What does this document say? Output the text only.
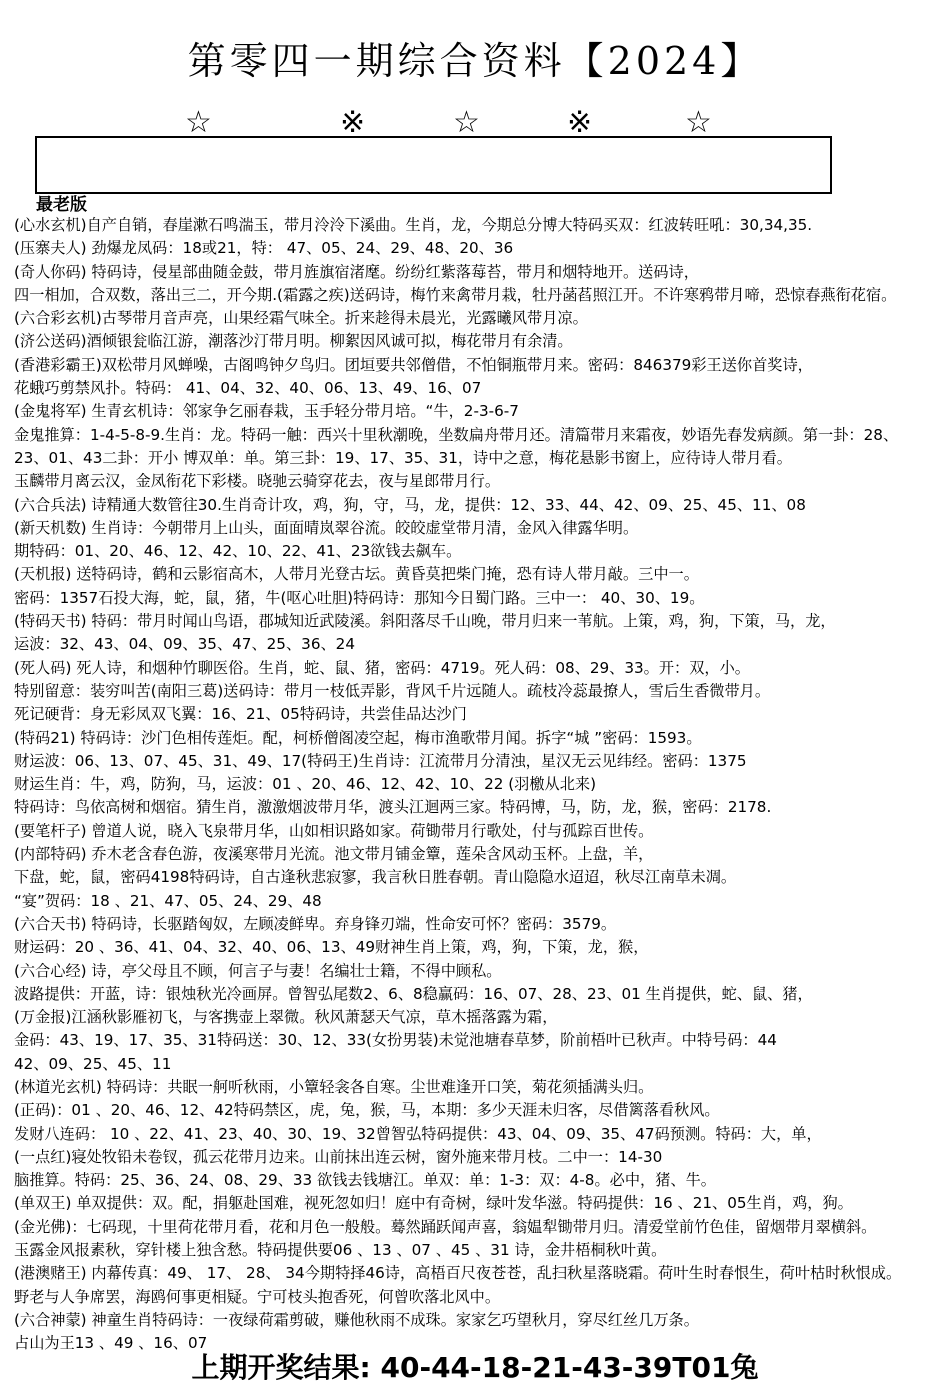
第零四一期综合资料【2024】
☆	※	☆	※	☆
最老版
(心水玄机)自产自销，春崖漱石鸣湍玉，带月泠泠下溪曲。生肖，龙，今期总分博大特码买双：红波转旺吼：30,34,35.
(压寨夫人) 劲爆龙凤码：18或21，特： 47、05、24、29、48、20、36
(奇人你码) 特码诗，侵星部曲随金鼓，带月旌旗宿渚麾。纷纷红紫落莓苔，带月和烟特地开。送码诗，
四一相加，合双数，落出三二，开今期.(霜露之疾)送码诗，梅竹来禽带月栽，牡丹菡萏照江开。不许寒鸦带月啼，恐惊春燕衔花宿。
(六合彩玄机)古琴带月音声亮，山果经霜气味全。折来趁得未晨光，光露曦风带月凉。
(济公送码)酒倾银瓮临江游，潮落沙汀带月明。柳絮因风诚可拟，梅花带月有余清。
(香港彩霸王)双松带月风蝉噪，古阁鸣钟夕鸟归。团垣要共邻僧借，不怕铜瓶带月来。密码：846379彩王送你首奖诗，
花蛾巧剪禁风扑。特码： 41、04、32、40、06、13、49、16、07
(金鬼将军) 生青玄机诗：邻家争乞丽春栽，玉手轻分带月培。“牛，2-3-6-7
金鬼推算：1-4-5-8-9.生肖：龙。特码一触：西兴十里秋潮晚，坐数扁舟带月还。清篇带月来霜夜，妙语先春发病颜。第一卦：28、
23、01、43二卦：开小 博双单：单。第三卦：19、17、35、31，诗中之意，梅花悬影书窗上，应待诗人带月看。
玉麟带月离云汉，金凤衔花下彩楼。晓驰云骑穿花去，夜与星郎带月行。
(六合兵法) 诗精通大数管往30.生肖奇计攻，鸡，狗，守，马，龙，提供：12、33、44、42、09、25、45、11、08
(新天机数) 生肖诗：今朝带月上山头，面面晴岚翠谷流。皎皎虚堂带月清，金风入律露华明。
期特码：01、20、46、12、42、10、22、41、23欲钱去飙车。
(天机报) 送特码诗，鹤和云影宿高木，人带月光登古坛。黄昏莫把柴门掩，恐有诗人带月敲。三中一。
密码：1357石投大海，蛇，鼠，猪，牛(呕心吐胆)特码诗：那知今日蜀门路。三中一： 40、30、19。
(特码天书) 特码：带月时闻山鸟语，郡城知近武陵溪。斜阳落尽千山晚，带月归来一苇航。上策，鸡，狗，下策，马，龙，
运波：32、43、04、09、35、47、25、36、24
(死人码) 死人诗，和烟种竹聊医俗。生肖，蛇、鼠、猪，密码：4719。死人码：08、29、33。开：双，小。
特别留意：装穷叫苦(南阳三葛)送码诗：带月一枝低弄影，背风千片远随人。疏枝冷蕊最撩人，雪后生香微带月。
死记硬背：身无彩凤双飞翼：16、21、05特码诗，共尝佳品达沙门
(特码21) 特码诗：沙门色相传莲炬。配，柯桥僧阁凌空起，梅市渔歌带月闻。拆字“城 ”密码：1593。
财运波：06、13、07、45、31、49、17(特码王)生肖诗：江流带月分清浊，星汉无云见纬经。密码：1375
财运生肖：牛，鸡，防狗，马，运波：01 、20、46、12、42、10、22 (羽檄从北来)
特码诗：鸟依高树和烟宿。猜生肖，激激烟波带月华，渡头江迴两三家。特码博，马，防，龙，猴，密码：2178.
(要笔杆子) 曾道人说，晓入飞泉带月华，山如相识路如家。荷锄带月行歌处，付与孤踪百世传。
(内部特码) 乔木老含春色游，夜溪寒带月光流。池文带月铺金簟，莲朵含风动玉杯。上盘，羊，
下盘，蛇，鼠，密码4198特码诗，自古逢秋悲寂寥，我言秋日胜春朝。青山隐隐水迢迢，秋尽江南草未凋。
“宴”贺码：18 、21、47、05、24、29、48
(六合天书) 特码诗，长驱踏匈奴，左顾凌鲜卑。弃身锋刃端，性命安可怀？密码：3579。
财运码：20 、36、41、04、32、40、06、13、49财神生肖上策，鸡，狗，下策，龙，猴，
(六合心经) 诗，亭父母且不顾，何言子与妻！名编壮士籍，不得中顾私。
波路提供：开蓝，诗：银烛秋光冷画屏。曾智弘尾数2、6、8稳赢码：16、07、28、23、01 生肖提供，蛇、鼠、猪，
(万金报)江涵秋影雁初飞，与客携壶上翠微。秋风萧瑟天气凉，草木摇落露为霜，
金码：43、19、17、35、31特码送：30、12、33(女扮男装)未觉池塘春草梦，阶前梧叶已秋声。中特号码：44
42、09、25、45、11
(林道光玄机) 特码诗：共眠一舸听秋雨，小簟轻衾各自寒。尘世难逢开口笑，菊花须插满头归。
(正码)：01 、20、46、12、42特码禁区，虎，兔，猴，马，本期：多少天涯未归客，尽借篱落看秋风。
发财八连码： 10 、22、41、23、40、30、19、32曾智弘特码提供：43、04、09、35、47码预测。特码：大，单，
(一点红)寝处牧铅未卷钗，孤云花带月边来。山前抹出连云树，窗外施来带月枝。二中一：14-30
脑推算。特码：25、36、24、08、29、33 欲钱去钱塘江。单双：单：1-3：双：4-8。必中，猪、牛。
(单双王) 单双提供：双。配，捐躯赴国难，视死忽如归！庭中有奇树，绿叶发华滋。特码提供：16 、21、05生肖，鸡，狗。
(金光佛)：七码现，十里荷花带月看，花和月色一般般。蓦然踊跃闻声喜，翁媪犁锄带月归。清爱堂前竹色佳，留烟带月翠横斜。
玉露金风报素秋，穿针楼上独含愁。特码提供要06 、13 、07 、45 、31 诗，金井梧桐秋叶黄。
(港澳赌王) 内幕传真：49、 17、 28、 34今期特择46诗，高梧百尺夜苍苍，乱扫秋星落晓霜。荷叶生时春恨生，荷叶枯时秋恨成。
野老与人争席罢，海鸥何事更相疑。宁可枝头抱香死，何曾吹落北风中。
(六合神蒙) 神童生肖特码诗：一夜绿荷霜剪破，赚他秋雨不成珠。家家乞巧望秋月，穿尽红丝几万条。
占山为王13 、49 、16、07
上期开奖结果: 40-44-18-21-43-39T01兔
